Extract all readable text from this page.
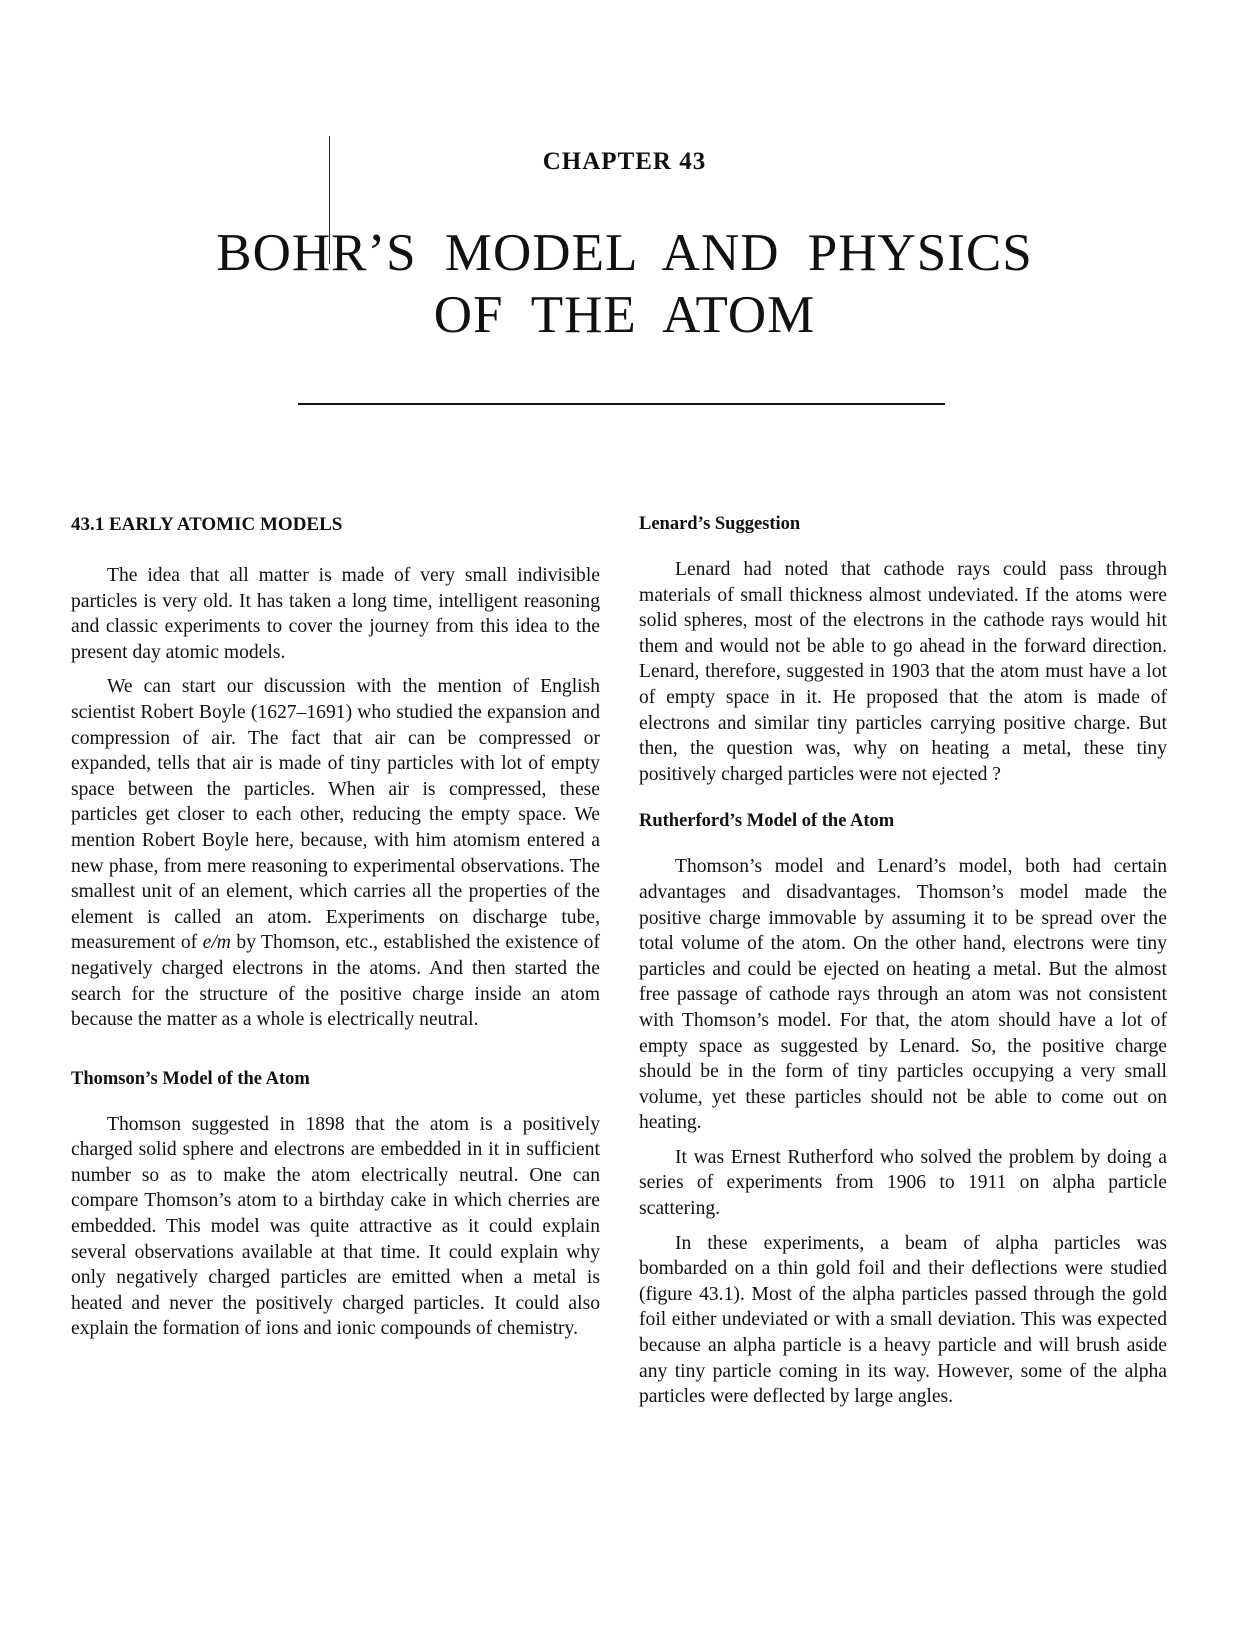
CHAPTER 43
BOHR’S MODEL AND PHYSICS
OF THE ATOM
43.1 EARLY ATOMIC MODELS

The idea that all matter is made of very small indivisible particles is very old. It has taken a long time, intelligent reasoning and classic experiments to cover the journey from this idea to the present day atomic models.

We can start our discussion with the mention of English scientist Robert Boyle (1627–1691) who studied the expansion and compression of air. The fact that air can be compressed or expanded, tells that air is made of tiny particles with lot of empty space between the particles. When air is compressed, these particles get closer to each other, reducing the empty space. We mention Robert Boyle here, because, with him atomism entered a new phase, from mere reasoning to experimental observations. The smallest unit of an element, which carries all the properties of the element is called an atom. Experiments on discharge tube, measurement of e/m by Thomson, etc., established the existence of negatively charged electrons in the atoms. And then started the search for the structure of the positive charge inside an atom because the matter as a whole is electrically neutral.

Thomson’s Model of the Atom

Thomson suggested in 1898 that the atom is a positively charged solid sphere and electrons are embedded in it in sufficient number so as to make the atom electrically neutral. One can compare Thomson’s atom to a birthday cake in which cherries are embedded. This model was quite attractive as it could explain several observations available at that time. It could explain why only negatively charged particles are emitted when a metal is heated and never the positively charged particles. It could also explain the formation of ions and ionic compounds of chemistry.

Lenard’s Suggestion

Lenard had noted that cathode rays could pass through materials of small thickness almost undeviated. If the atoms were solid spheres, most of the electrons in the cathode rays would hit them and would not be able to go ahead in the forward direction. Lenard, therefore, suggested in 1903 that the atom must have a lot of empty space in it. He proposed that the atom is made of electrons and similar tiny particles carrying positive charge. But then, the question was, why on heating a metal, these tiny positively charged particles were not ejected ?

Rutherford’s Model of the Atom

Thomson’s model and Lenard’s model, both had certain advantages and disadvantages. Thomson’s model made the positive charge immovable by assuming it to be spread over the total volume of the atom. On the other hand, electrons were tiny particles and could be ejected on heating a metal. But the almost free passage of cathode rays through an atom was not consistent with Thomson’s model. For that, the atom should have a lot of empty space as suggested by Lenard. So, the positive charge should be in the form of tiny particles occupying a very small volume, yet these particles should not be able to come out on heating.

It was Ernest Rutherford who solved the problem by doing a series of experiments from 1906 to 1911 on alpha particle scattering.

In these experiments, a beam of alpha particles was bombarded on a thin gold foil and their deflections were studied (figure 43.1). Most of the alpha particles passed through the gold foil either undeviated or with a small deviation. This was expected because an alpha particle is a heavy particle and will brush aside any tiny particle coming in its way. However, some of the alpha particles were deflected by large angles.
